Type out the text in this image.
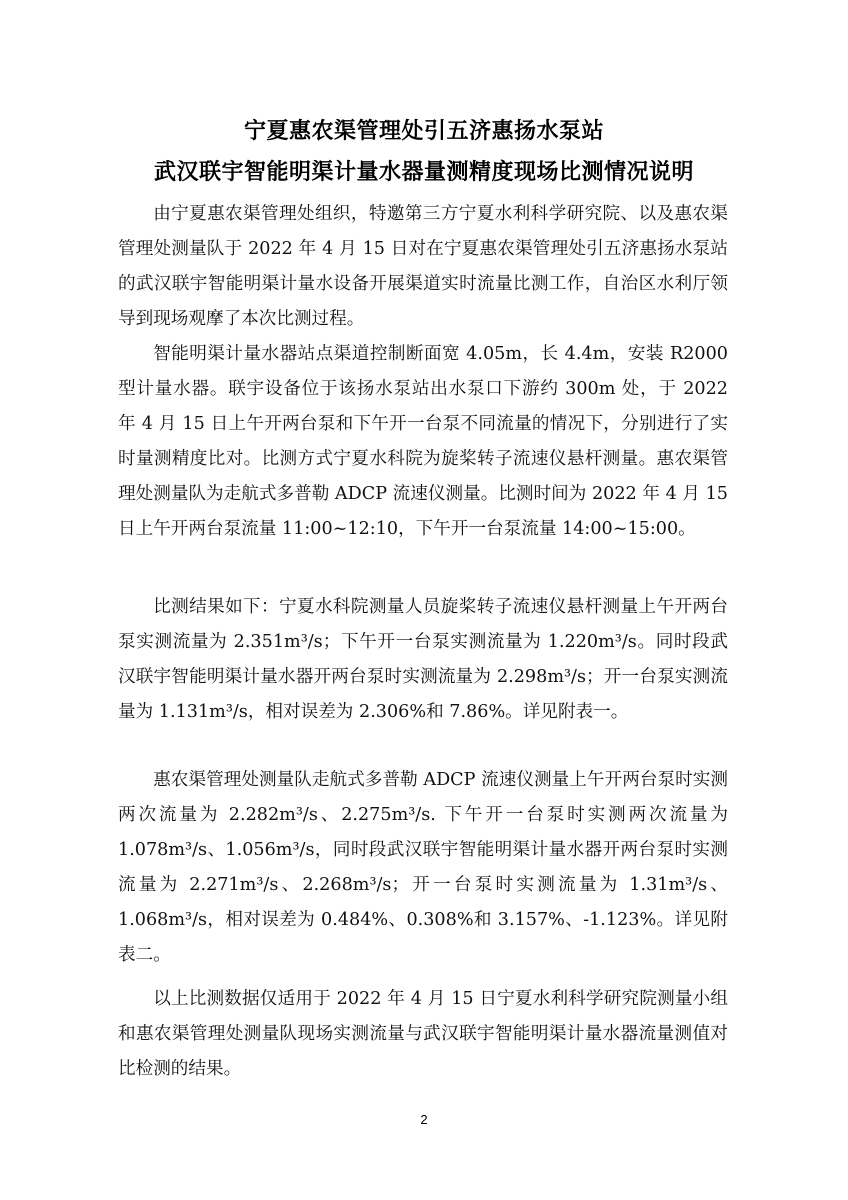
宁夏惠农渠管理处引五济惠扬水泵站
武汉联宇智能明渠计量水器量测精度现场比测情况说明

由宁夏惠农渠管理处组织，特邀第三方宁夏水利科学研究院、以及惠农渠管理处测量队于 2022 年 4 月 15 日对在宁夏惠农渠管理处引五济惠扬水泵站的武汉联宇智能明渠计量水设备开展渠道实时流量比测工作，自治区水利厅领导到现场观摩了本次比测过程。

智能明渠计量水器站点渠道控制断面宽 4.05m，长 4.4m，安装 R2000 型计量水器。联宇设备位于该扬水泵站出水泵口下游约 300m 处，于 2022 年 4 月 15 日上午开两台泵和下午开一台泵不同流量的情况下，分别进行了实时量测精度比对。比测方式宁夏水科院为旋桨转子流速仪悬杆测量。惠农渠管理处测量队为走航式多普勒 ADCP 流速仪测量。比测时间为 2022 年 4 月 15 日上午开两台泵流量 11:00~12:10，下午开一台泵流量 14:00~15:00。

比测结果如下：宁夏水科院测量人员旋桨转子流速仪悬杆测量上午开两台泵实测流量为 2.351m³/s；下午开一台泵实测流量为 1.220m³/s。同时段武汉联宇智能明渠计量水器开两台泵时实测流量为 2.298m³/s；开一台泵实测流量为 1.131m³/s，相对误差为 2.306%和 7.86%。详见附表一。

惠农渠管理处测量队走航式多普勒 ADCP 流速仪测量上午开两台泵时实测两次流量为 2.282m³/s、2.275m³/s. 下午开一台泵时实测两次流量为 1.078m³/s、1.056m³/s，同时段武汉联宇智能明渠计量水器开两台泵时实测流量为 2.271m³/s、2.268m³/s；开一台泵时实测流量为 1.31m³/s、1.068m³/s，相对误差为 0.484%、0.308%和 3.157%、-1.123%。详见附表二。

以上比测数据仅适用于 2022 年 4 月 15 日宁夏水利科学研究院测量小组和惠农渠管理处测量队现场实测流量与武汉联宇智能明渠计量水器流量测值对比检测的结果。

2
